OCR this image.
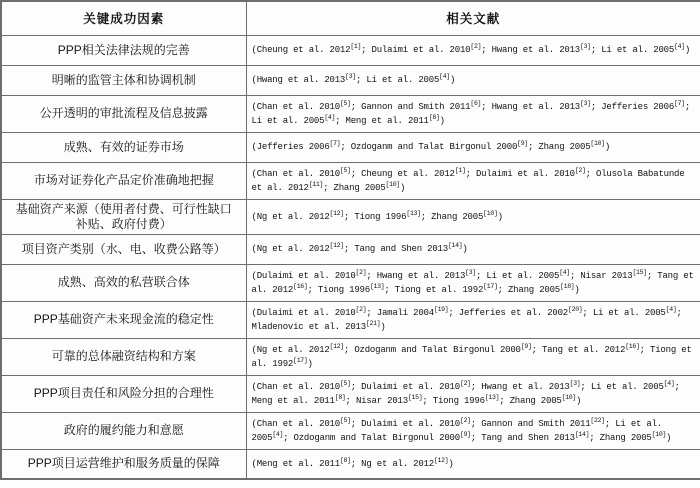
关键成功因素	相关文献
PPP相关法律法规的完善	(Cheung et al. 2012[1]; Dulaimi et al. 2010[2]; Hwang et al. 2013[3]; Li et al. 2005[4])
明晰的监管主体和协调机制	(Hwang et al. 2013[3]; Li et al. 2005[4])
公开透明的审批流程及信息披露	(Chan et al. 2010[5]; Gannon and Smith 2011[6]; Hwang et al. 2013[3]; Jefferies 2006[7]; Li et al. 2005[4]; Meng et al. 2011[8])
成熟、有效的证券市场	(Jefferies 2006[7]; Ozdoganm and Talat Birgonul 2000[9]; Zhang 2005[10])
市场对证券化产品定价准确地把握	(Chan et al. 2010[5]; Cheung et al. 2012[1]; Dulaimi et al. 2010[2]; Olusola Babatunde et al. 2012[11]; Zhang 2005[10])
基础资产来源（使用者付费、可行性缺口补贴、政府付费）	(Ng et al. 2012[12]; Tiong 1996[13]; Zhang 2005[10])
项目资产类别（水、电、收费公路等）	(Ng et al. 2012[12]; Tang and Shen 2013[14])
成熟、高效的私营联合体	(Dulaimi et al. 2010[2]; Hwang et al. 2013[3]; Li et al. 2005[4]; Nisar 2013[15]; Tang et al. 2012[16]; Tiong 1996[13]; Tiong et al. 1992[17]; Zhang 2005[18])
PPP基础资产未来现金流的稳定性	(Dulaimi et al. 2010[2]; Jamali 2004[19]; Jefferies et al. 2002[20]; Li et al. 2005[4]; Mladenovic et al. 2013[21])
可靠的总体融资结构和方案	(Ng et al. 2012[12]; Ozdoganm and Talat Birgonul 2000[9]; Tang et al. 2012[16]; Tiong et al. 1992[17])
PPP项目责任和风险分担的合理性	(Chan et al. 2010[5]; Dulaimi et al. 2010[2]; Hwang et al. 2013[3]; Li et al. 2005[4]; Meng et al. 2011[8]; Nisar 2013[15]; Tiong 1996[13]; Zhang 2005[10])
政府的履约能力和意愿	(Chan et al. 2010[5]; Dulaimi et al. 2010[2]; Gannon and Smith 2011[22]; Li et al. 2005[4]; Ozdoganm and Talat Birgonul 2000[9]; Tang and Shen 2013[14]; Zhang 2005[10])
PPP项目运营维护和服务质量的保障	(Meng et al. 2011[8]; Ng et al. 2012[12])
